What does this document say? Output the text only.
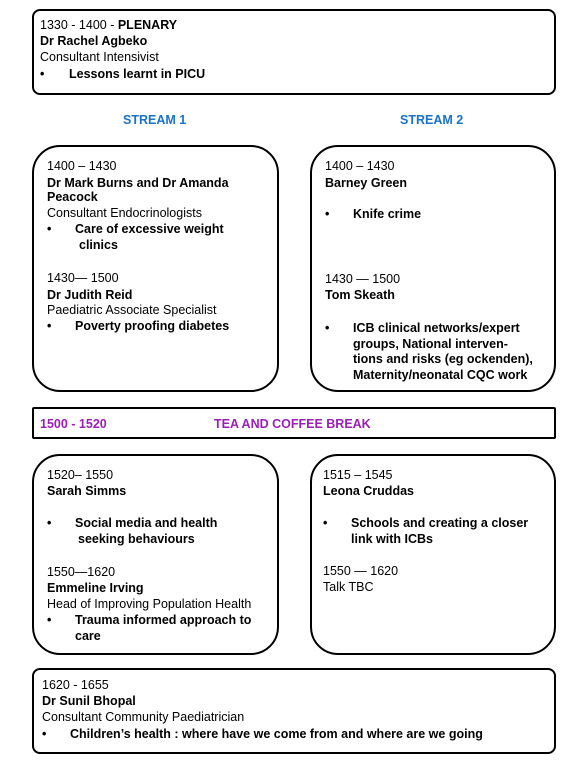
1330 - 1400 - PLENARY
Dr Rachel Agbeko
Consultant Intensivist
• Lessons learnt in PICU
STREAM 1	STREAM 2
1400 – 1430
Dr Mark Burns and Dr Amanda
Peacock
Consultant Endocrinologists
•	Care of excessive weight
clinics
1430— 1500
Dr Judith Reid
Paediatric Associate Specialist
• Poverty proofing diabetes
1400 – 1430
Barney Green
• Knife crime
1430 — 1500
Tom Skeath
•	ICB clinical networks/expert
groups, National interven-
tions and risks (eg ockenden),
Maternity/neonatal CQC work
1500 - 1520	TEA AND COFFEE BREAK
1520– 1550
Sarah Simms
•	Social media and health
seeking behaviours
1550—1620
Emmeline Irving
Head of Improving Population Health
•	Trauma informed approach to
care
1515 – 1545
Leona Cruddas
•	Schools and creating a closer
link with ICBs
1550 — 1620
Talk TBC
1620 - 1655
Dr Sunil Bhopal
Consultant Community Paediatrician
• Children’s health : where have we come from and where are we going
